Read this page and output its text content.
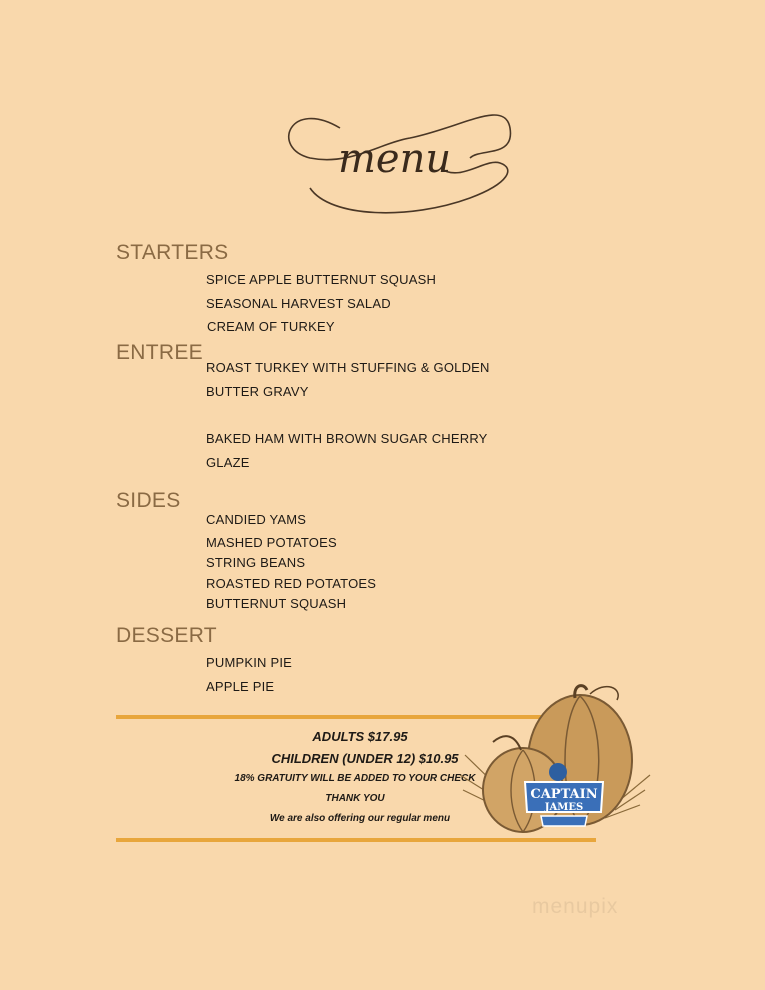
menu
STARTERS
SPICE APPLE BUTTERNUT SQUASH
SEASONAL HARVEST SALAD
CREAM OF TURKEY
ENTREE
ROAST TURKEY WITH STUFFING & GOLDEN
BUTTER GRAVY
BAKED HAM WITH BROWN SUGAR CHERRY
GLAZE
SIDES
CANDIED YAMS
MASHED POTATOES
STRING BEANS
ROASTED RED POTATOES
BUTTERNUT SQUASH
DESSERT
PUMPKIN PIE
APPLE PIE
ADULTS $17.95
CHILDREN (UNDER 12) $10.95
18% GRATUITY WILL BE ADDED TO YOUR CHECK
THANK YOU
We are also offering our regular menu
CAPTAIN
JAMES
menupix
